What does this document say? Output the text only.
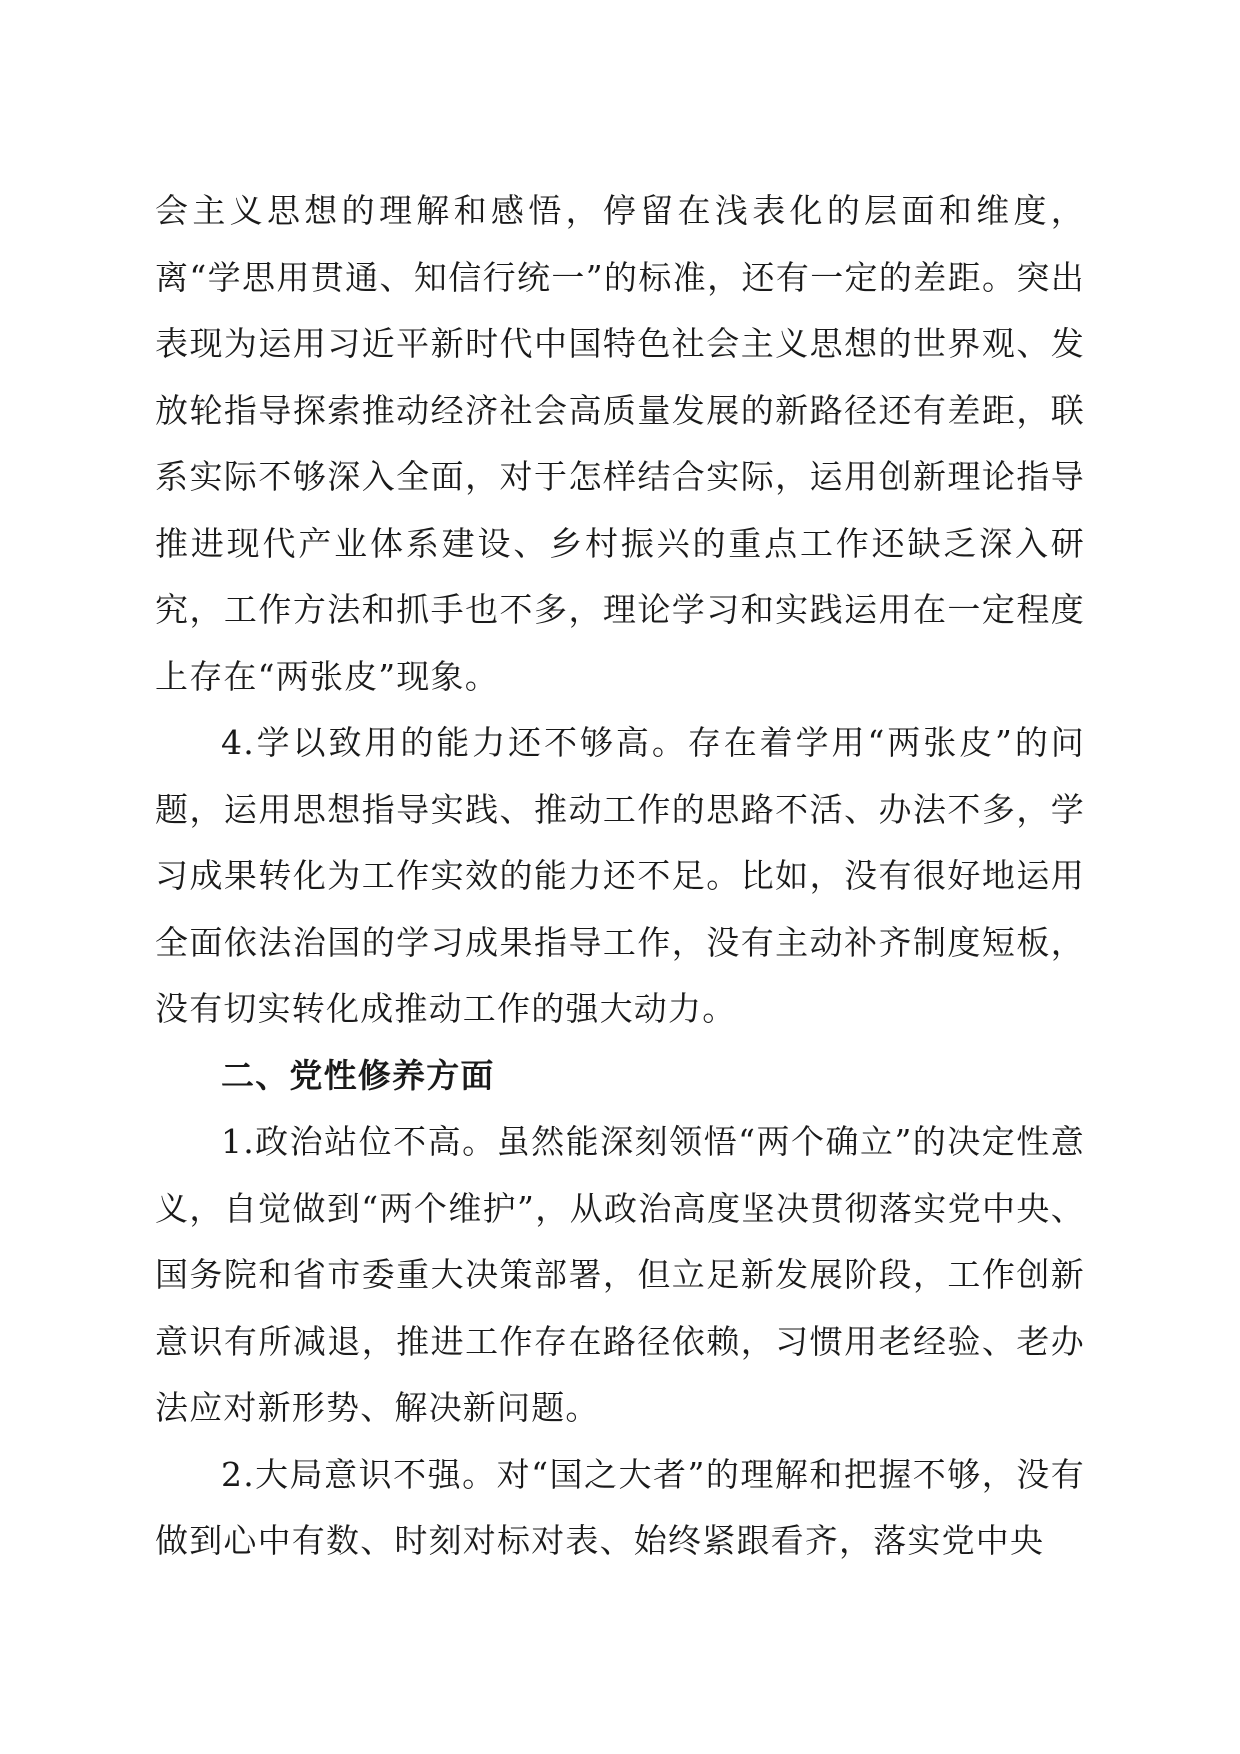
会主义思想的理解和感悟，停留在浅表化的层面和维度，离“学思用贯通、知信行统一”的标准，还有一定的差距。突出表现为运用习近平新时代中国特色社会主义思想的世界观、发放轮指导探索推动经济社会高质量发展的新路径还有差距，联系实际不够深入全面，对于怎样结合实际，运用创新理论指导推进现代产业体系建设、乡村振兴的重点工作还缺乏深入研究，工作方法和抓手也不多，理论学习和实践运用在一定程度上存在“两张皮”现象。

4.学以致用的能力还不够高。存在着学用“两张皮”的问题，运用思想指导实践、推动工作的思路不活、办法不多，学习成果转化为工作实效的能力还不足。比如，没有很好地运用全面依法治国的学习成果指导工作，没有主动补齐制度短板，没有切实转化成推动工作的强大动力。

二、党性修养方面

1.政治站位不高。虽然能深刻领悟“两个确立”的决定性意义，自觉做到“两个维护”，从政治高度坚决贯彻落实党中央、国务院和省市委重大决策部署，但立足新发展阶段，工作创新意识有所减退，推进工作存在路径依赖，习惯用老经验、老办法应对新形势、解决新问题。

2.大局意识不强。对“国之大者”的理解和把握不够，没有做到心中有数、时刻对标对表、始终紧跟看齐，落实党中央
